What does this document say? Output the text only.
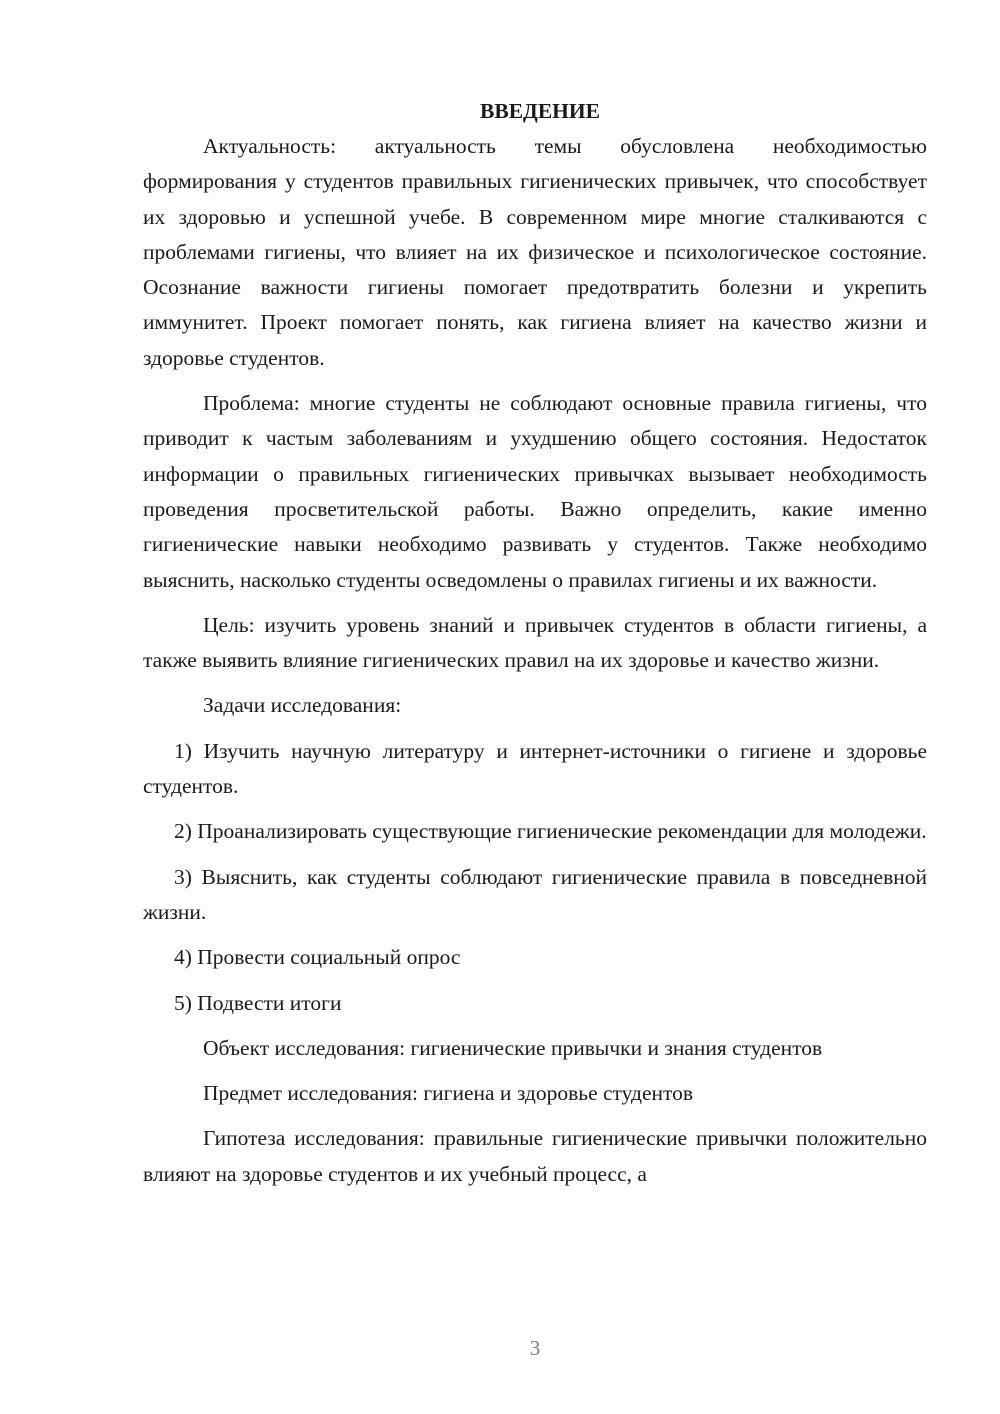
ВВЕДЕНИЕ

Актуальность: актуальность темы обусловлена необходимостью формирования у студентов правильных гигиенических привычек, что способствует их здоровью и успешной учебе. В современном мире многие сталкиваются с проблемами гигиены, что влияет на их физическое и психологическое состояние. Осознание важности гигиены помогает предотвратить болезни и укрепить иммунитет. Проект помогает понять, как гигиена влияет на качество жизни и здоровье студентов.

Проблема: многие студенты не соблюдают основные правила гигиены, что приводит к частым заболеваниям и ухудшению общего состояния. Недостаток информации о правильных гигиенических привычках вызывает необходимость проведения просветительской работы. Важно определить, какие именно гигиенические навыки необходимо развивать у студентов. Также необходимо выяснить, насколько студенты осведомлены о правилах гигиены и их важности.

Цель: изучить уровень знаний и привычек студентов в области гигиены, а также выявить влияние гигиенических правил на их здоровье и качество жизни.

Задачи исследования:

1) Изучить научную литературу и интернет-источники о гигиене и здоровье студентов.

2) Проанализировать существующие гигиенические рекомендации для молодежи.

3) Выяснить, как студенты соблюдают гигиенические правила в повседневной жизни.

4) Провести социальный опрос

5) Подвести итоги

Объект исследования: гигиенические привычки и знания студентов

Предмет исследования: гигиена и здоровье студентов

Гипотеза исследования: правильные гигиенические привычки положительно влияют на здоровье студентов и их учебный процесс, а

3
